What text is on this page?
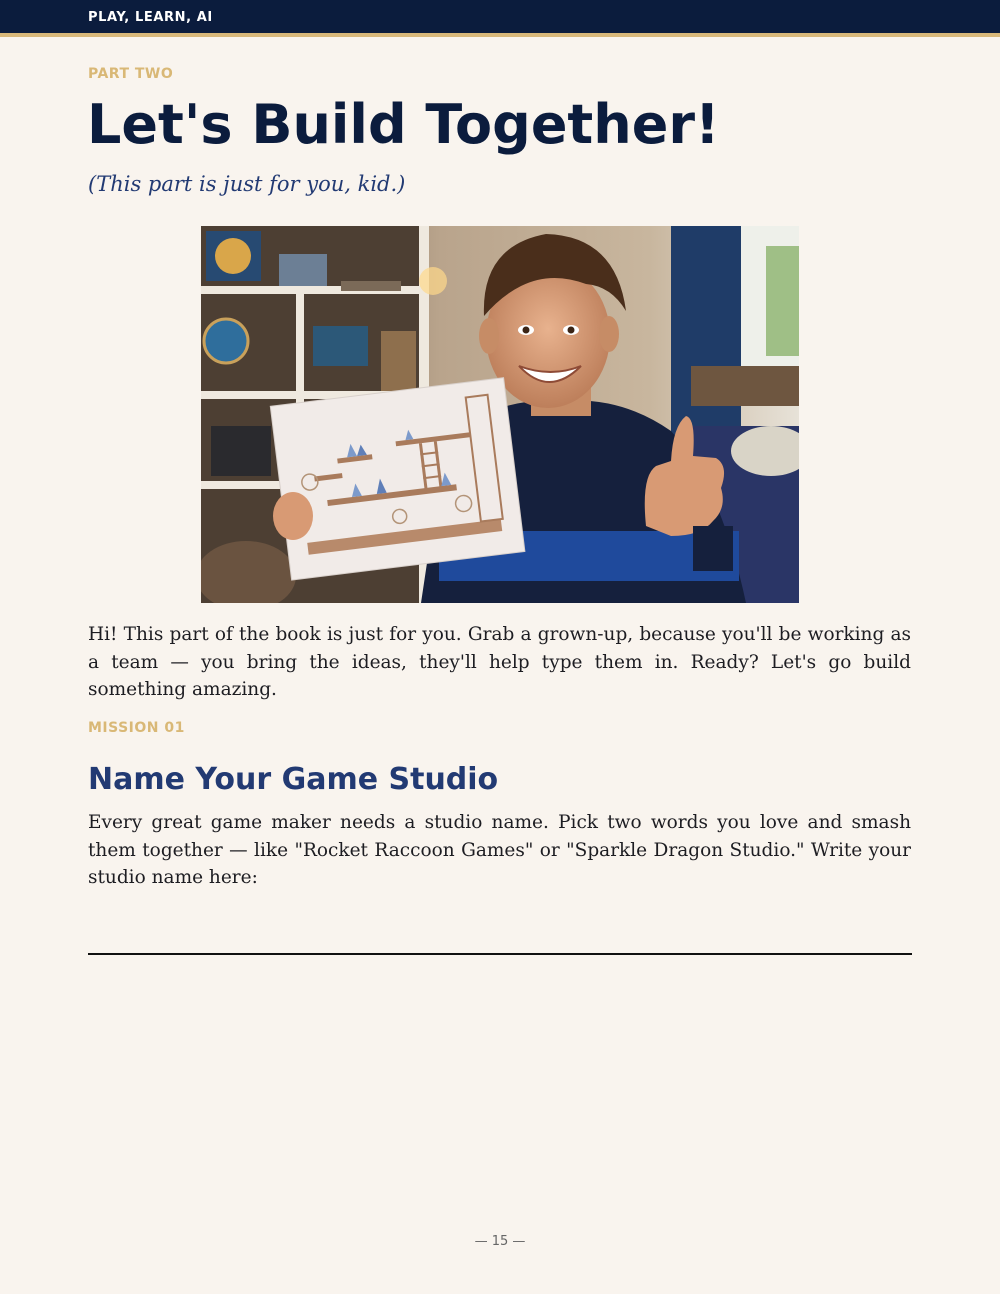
PLAY, LEARN, AI
PART TWO
Let's Build Together!
(This part is just for you, kid.)

Hi! This part of the book is just for you. Grab a grown-up, because you'll be working as a team — you bring the ideas, they'll help type them in. Ready? Let's go build something amazing.

MISSION 01
Name Your Game Studio

Every great game maker needs a studio name. Pick two words you love and smash them together — like "Rocket Raccoon Games" or "Sparkle Dragon Studio." Write your studio name here:

— 15 —
